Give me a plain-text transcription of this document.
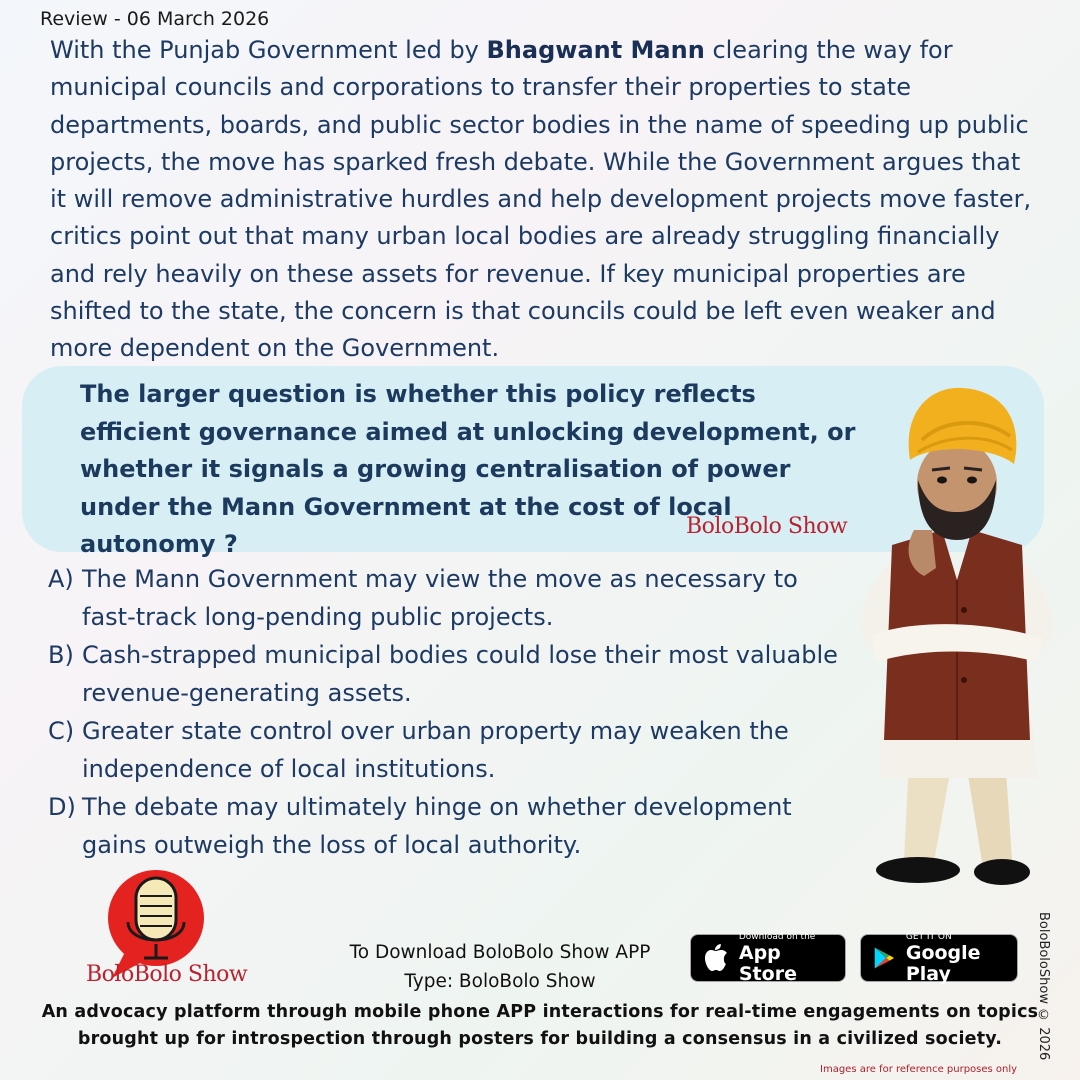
Review - 06 March 2026
With the Punjab Government led by Bhagwant Mann clearing the way for municipal councils and corporations to transfer their properties to state departments, boards, and public sector bodies in the name of speeding up public projects, the move has sparked fresh debate. While the Government argues that it will remove administrative hurdles and help development projects move faster, critics point out that many urban local bodies are already struggling financially and rely heavily on these assets for revenue. If key municipal properties are shifted to the state, the concern is that councils could be left even weaker and more dependent on the Government.
The larger question is whether this policy reflects efficient governance aimed at unlocking development, or whether it signals a growing centralisation of power under the Mann Government at the cost of local autonomy ?
BoloBolo Show
A) The Mann Government may view the move as necessary to fast-track long-pending public projects.
B) Cash-strapped municipal bodies could lose their most valuable revenue-generating assets.
C) Greater state control over urban property may weaken the independence of local institutions.
D) The debate may ultimately hinge on whether development gains outweigh the loss of local authority.
BoloBolo Show
To Download BoloBolo Show APP
Type: BoloBolo Show
Download on the
App Store
GET IT ON
Google Play
An advocacy platform through mobile phone APP interactions for real-time engagements on topics brought up for introspection through posters for building a consensus in a civilized society.	BoloBoloShow © 2026
Images are for reference purposes only
